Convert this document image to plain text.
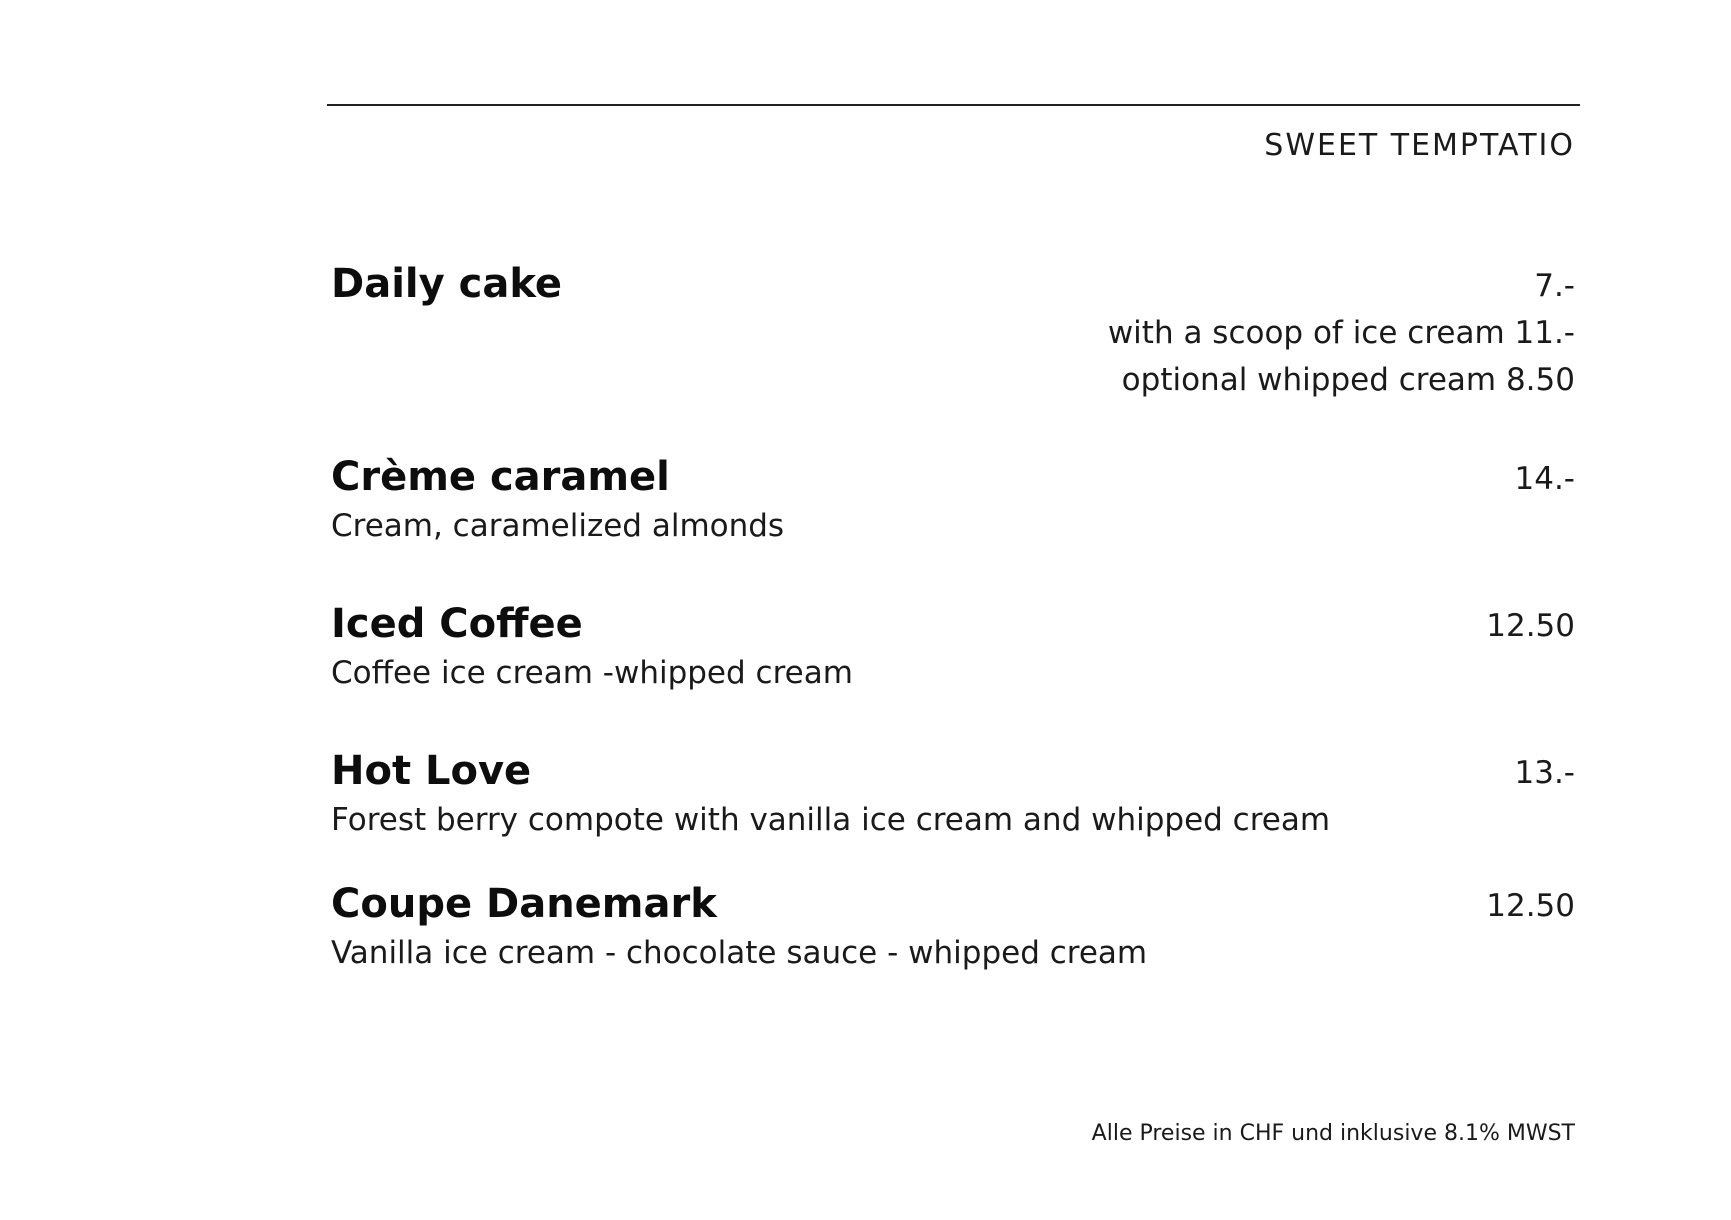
SWEET TEMPTATIO
Daily cake	7.-
with a scoop of ice cream 11.-
optional whipped cream 8.50
Crème caramel	14.-
Cream, caramelized almonds
Iced Coffee	12.50
Coffee ice cream -whipped cream
Hot Love	13.-
Forest berry compote with vanilla ice cream and whipped cream
Coupe Danemark	12.50
Vanilla ice cream - chocolate sauce - whipped cream
Alle Preise in CHF und inklusive 8.1% MWST
